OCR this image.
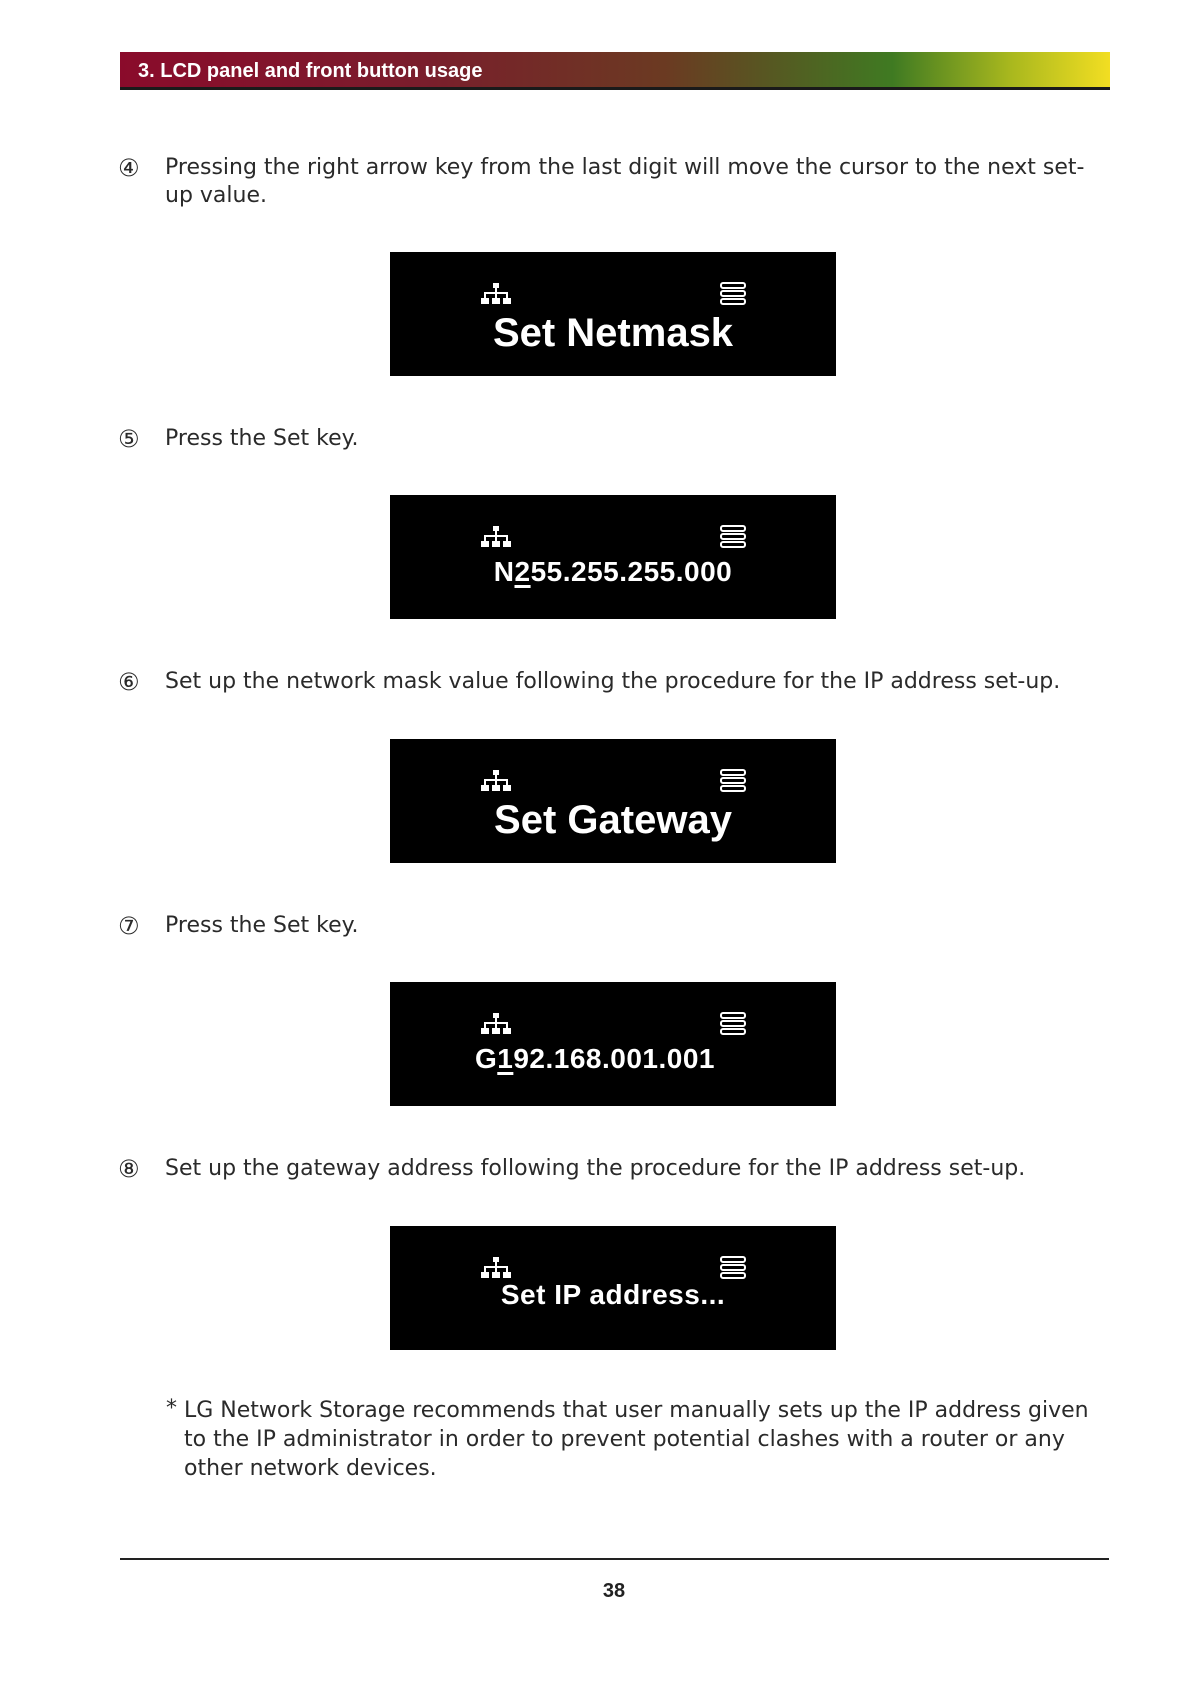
3. LCD panel and front button usage
④ Pressing the right arrow key from the last digit will move the cursor to the next set-up value.
Set Netmask
⑤ Press the Set key.
N255.255.255.000
⑥ Set up the network mask value following the procedure for the IP address set-up.
Set Gateway
⑦ Press the Set key.
G192.168.001.001
⑧ Set up the gateway address following the procedure for the IP address set-up.
Set IP address...
* LG Network Storage recommends that user manually sets up the IP address given to the IP administrator in order to prevent potential clashes with a router or any other network devices.
38
